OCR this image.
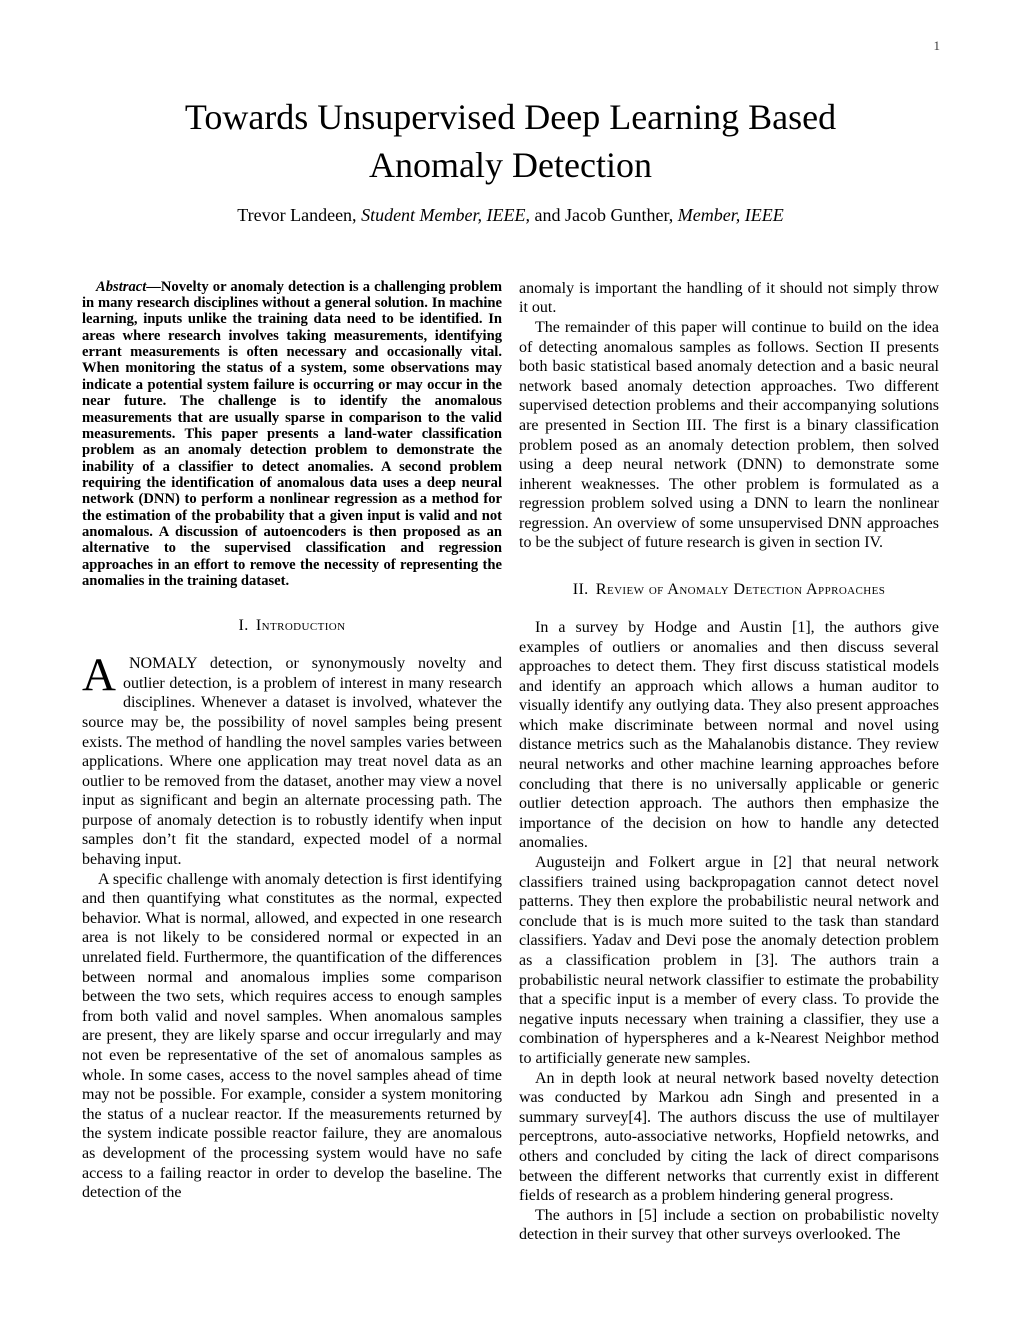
1
Towards Unsupervised Deep Learning Based
Anomaly Detection
Trevor Landeen, Student Member, IEEE, and Jacob Gunther, Member, IEEE

Abstract—Novelty or anomaly detection is a challenging problem in many research disciplines without a general solution. In machine learning, inputs unlike the training data need to be identified. In areas where research involves taking measurements, identifying errant measurements is often necessary and occasionally vital. When monitoring the status of a system, some observations may indicate a potential system failure is occurring or may occur in the near future. The challenge is to identify the anomalous measurements that are usually sparse in comparison to the valid measurements. This paper presents a land-water classification problem as an anomaly detection problem to demonstrate the inability of a classifier to detect anomalies. A second problem requiring the identification of anomalous data uses a deep neural network (DNN) to perform a nonlinear regression as a method for the estimation of the probability that a given input is valid and not anomalous. A discussion of autoencoders is then proposed as an alternative to the supervised classification and regression approaches in an effort to remove the necessity of representing the anomalies in the training dataset.

I. Introduction

ANOMALY detection, or synonymously novelty and outlier detection, is a problem of interest in many research disciplines. Whenever a dataset is involved, whatever the source may be, the possibility of novel samples being present exists. The method of handling the novel samples varies between applications. Where one application may treat novel data as an outlier to be removed from the dataset, another may view a novel input as significant and begin an alternate processing path. The purpose of anomaly detection is to robustly identify when input samples don’t fit the standard, expected model of a normal behaving input.

A specific challenge with anomaly detection is first identifying and then quantifying what constitutes as the normal, expected behavior. What is normal, allowed, and expected in one research area is not likely to be considered normal or expected in an unrelated field. Furthermore, the quantification of the differences between normal and anomalous implies some comparison between the two sets, which requires access to enough samples from both valid and novel samples. When anomalous samples are present, they are likely sparse and occur irregularly and may not even be representative of the set of anomalous samples as whole. In some cases, access to the novel samples ahead of time may not be possible. For example, consider a system monitoring the status of a nuclear reactor. If the measurements returned by the system indicate possible reactor failure, they are anomalous as development of the processing system would have no safe access to a failing reactor in order to develop the baseline. The detection of the

anomaly is important the handling of it should not simply throw it out.

The remainder of this paper will continue to build on the idea of detecting anomalous samples as follows. Section II presents both basic statistical based anomaly detection and a basic neural network based anomaly detection approaches. Two different supervised detection problems and their accompanying solutions are presented in Section III. The first is a binary classification problem posed as an anomaly detection problem, then solved using a deep neural network (DNN) to demonstrate some inherent weaknesses. The other problem is formulated as a regression problem solved using a DNN to learn the nonlinear regression. An overview of some unsupervised DNN approaches to be the subject of future research is given in section IV.

II. Review of Anomaly Detection Approaches

In a survey by Hodge and Austin [1], the authors give examples of outliers or anomalies and then discuss several approaches to detect them. They first discuss statistical models and identify an approach which allows a human auditor to visually identify any outlying data. They also present approaches which make discriminate between normal and novel using distance metrics such as the Mahalanobis distance. They review neural networks and other machine learning approaches before concluding that there is no universally applicable or generic outlier detection approach. The authors then emphasize the importance of the decision on how to handle any detected anomalies.

Augusteijn and Folkert argue in [2] that neural network classifiers trained using backpropagation cannot detect novel patterns. They then explore the probabilistic neural network and conclude that is is much more suited to the task than standard classifiers. Yadav and Devi pose the anomaly detection problem as a classification problem in [3]. The authors train a probabilistic neural network classifier to estimate the probability that a specific input is a member of every class. To provide the negative inputs necessary when training a classifier, they use a combination of hyperspheres and a k-Nearest Neighbor method to artificially generate new samples.

An in depth look at neural network based novelty detection was conducted by Markou adn Singh and presented in a summary survey[4]. The authors discuss the use of multilayer perceptrons, auto-associative networks, Hopfield netowrks, and others and concluded by citing the lack of direct comparisons between the different networks that currently exist in different fields of research as a problem hindering general progress.

The authors in [5] include a section on probabilistic novelty detection in their survey that other surveys overlooked. The
